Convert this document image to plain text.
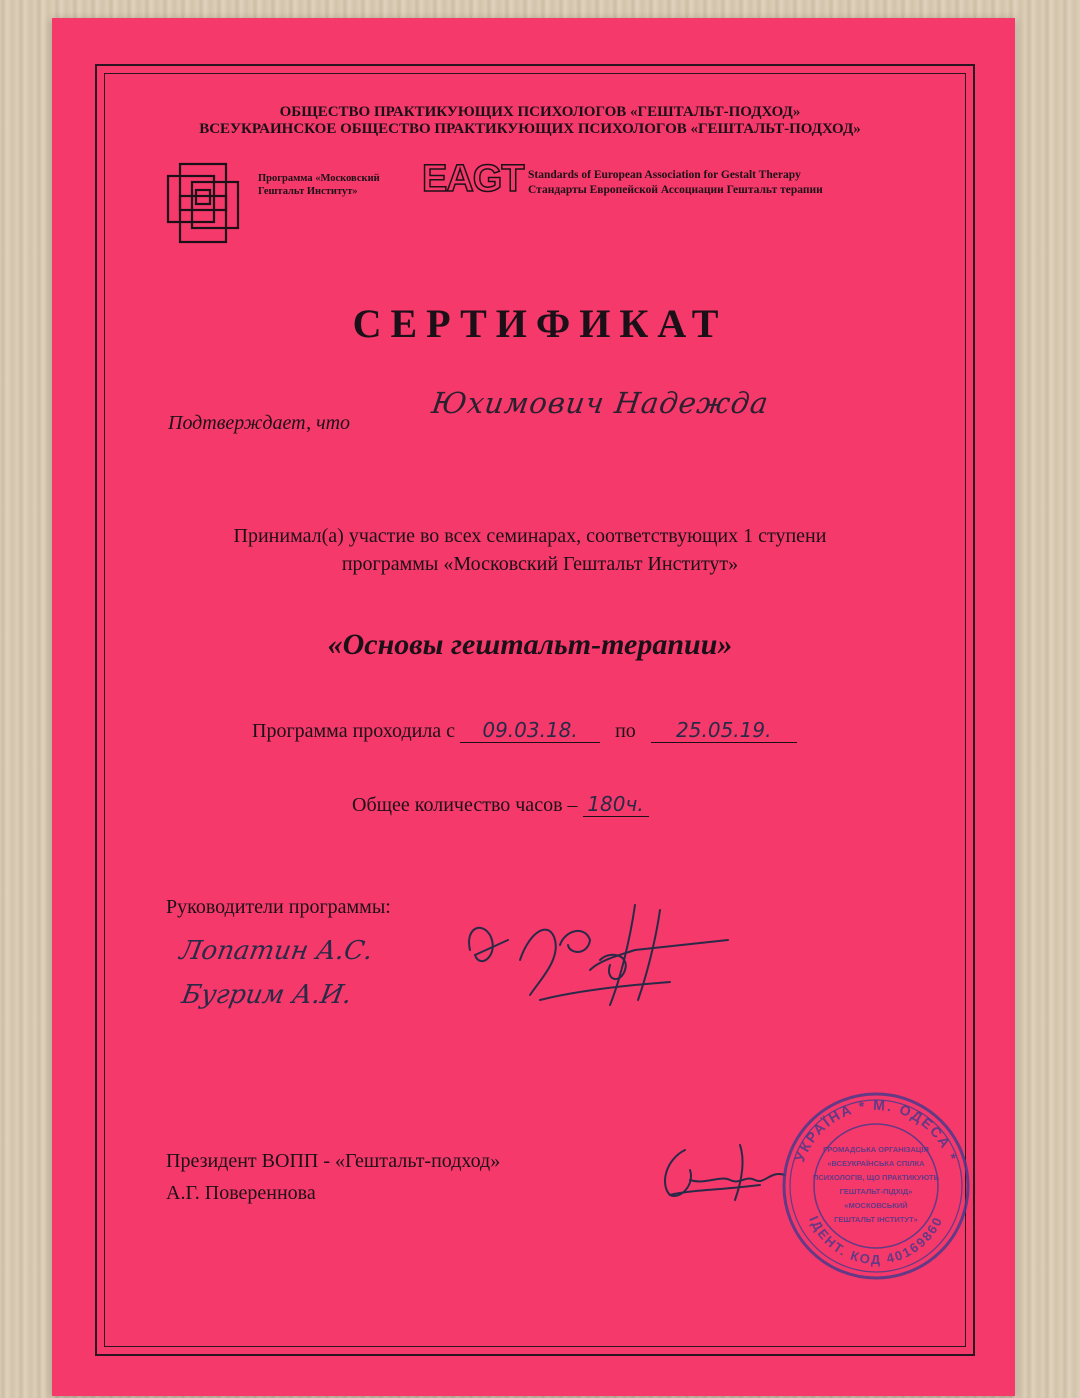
ОБЩЕСТВО ПРАКТИКУЮЩИХ ПСИХОЛОГОВ «ГЕШТАЛЬТ-ПОДХОД»
ВСЕУКРАИНСКОЕ ОБЩЕСТВО ПРАКТИКУЮЩИХ ПСИХОЛОГОВ «ГЕШТАЛЬТ-ПОДХОД»
Программа «Московский
Гештальт Институт»	EAGT Standards of European Association for Gestalt Therapy
Стандарты Европейской Ассоциации Гештальт терапии
СЕРТИФИКАТ
Подтверждает, что
Юхимович Надежда
Принимал(а) участие во всех семинарах, соответствующих 1 ступени
программы «Московский Гештальт Институт»
«Основы гештальт-терапии»
Программа проходила с 09.03.18. по 25.05.19.
Общее количество часов – 180ч.
Руководители программы:
Лопатин А.С.
Бугрим А.И.
Президент ВОПП - «Гештальт-подход»
А.Г. Повереннова
УКРАЇНА * М. ОДЕСА *
ІДЕНТ. КОД 40169860
ГРОМАДСЬКА ОРГАНІЗАЦІЯ
«ВСЕУКРАЇНСЬКА СПІЛКА
ПСИХОЛОГІВ, ЩО ПРАКТИКУЮТЬ
ГЕШТАЛЬТ-ПІДХІД»
«МОСКОВСЬКИЙ
ГЕШТАЛЬТ ІНСТИТУТ»
